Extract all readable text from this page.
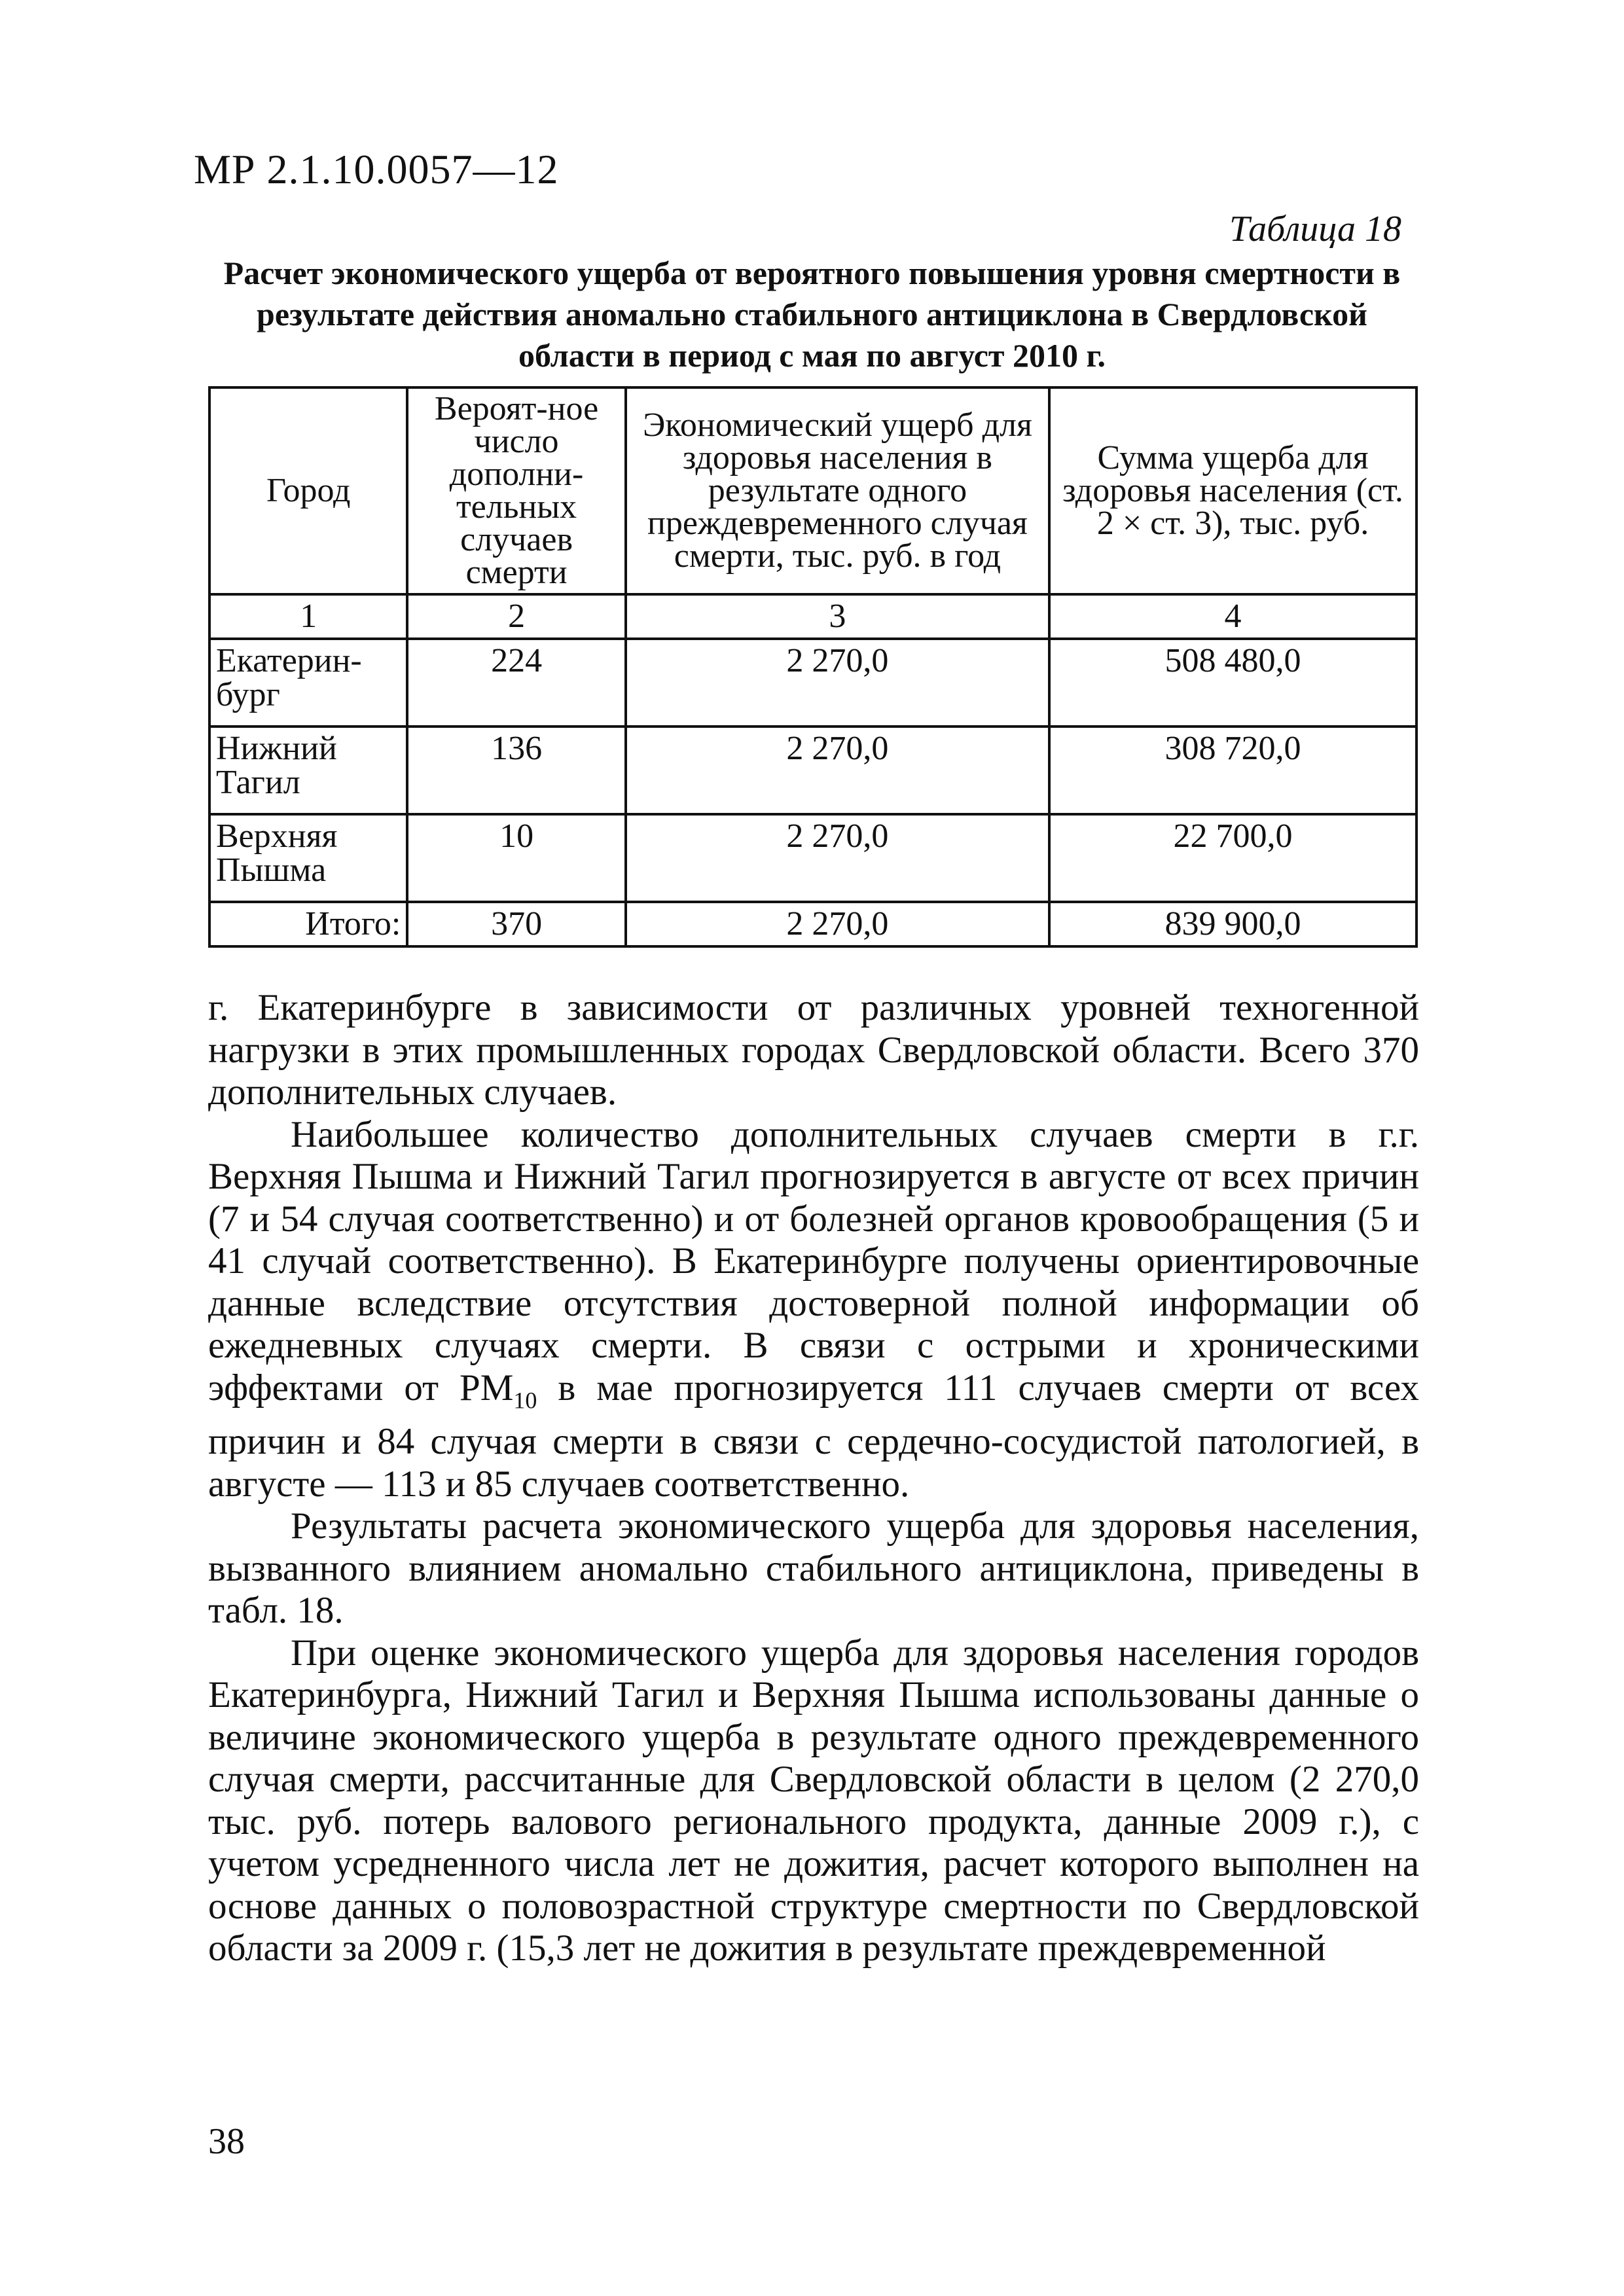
МР 2.1.10.0057—12
Таблица 18
Расчет экономического ущерба от вероятного повышения уровня смертности в результате действия аномально стабильного антициклона в Свердловской области в период с мая по август 2010 г.
Город	Вероят-ное число дополни-тельных случаев смерти	Экономический ущерб для здоровья населения в результате одного преждевременного случая смерти, тыс. руб. в год	Сумма ущерба для здоровья населения (ст. 2 × ст. 3), тыс. руб.
1	2	3	4
Екатерин-бург	224	2 270,0	508 480,0
Нижний Тагил	136	2 270,0	308 720,0
Верхняя Пышма	10	2 270,0	22 700,0
Итого:	370	2 270,0	839 900,0

г. Екатеринбурге в зависимости от различных уровней техногенной нагрузки в этих промышленных городах Свердловской области. Всего 370 дополнительных случаев.

Наибольшее количество дополнительных случаев смерти в г.г. Верхняя Пышма и Нижний Тагил прогнозируется в августе от всех причин (7 и 54 случая соответственно) и от болезней органов кровообращения (5 и 41 случай соответственно). В Екатеринбурге получены ориентировочные данные вследствие отсутствия достоверной полной информации об ежедневных случаях смерти. В связи с острыми и хроническими эффектами от $PM_{10}$ в мае прогнозируется 111 случаев смерти от всех причин и 84 случая смерти в связи с сердечно-сосудистой патологией, в августе — 113 и 85 случаев соответственно.

Результаты расчета экономического ущерба для здоровья населения, вызванного влиянием аномально стабильного антициклона, приведены в табл. 18.

При оценке экономического ущерба для здоровья населения городов Екатеринбурга, Нижний Тагил и Верхняя Пышма использованы данные о величине экономического ущерба в результате одного преждевременного случая смерти, рассчитанные для Свердловской области в целом (2 270,0 тыс. руб. потерь валового регионального продукта, данные 2009 г.), с учетом усредненного числа лет не дожития, расчет которого выполнен на основе данных о половозрастной структуре смертности по Свердловской области за 2009 г. (15,3 лет не дожития в результате преждевременной

38
